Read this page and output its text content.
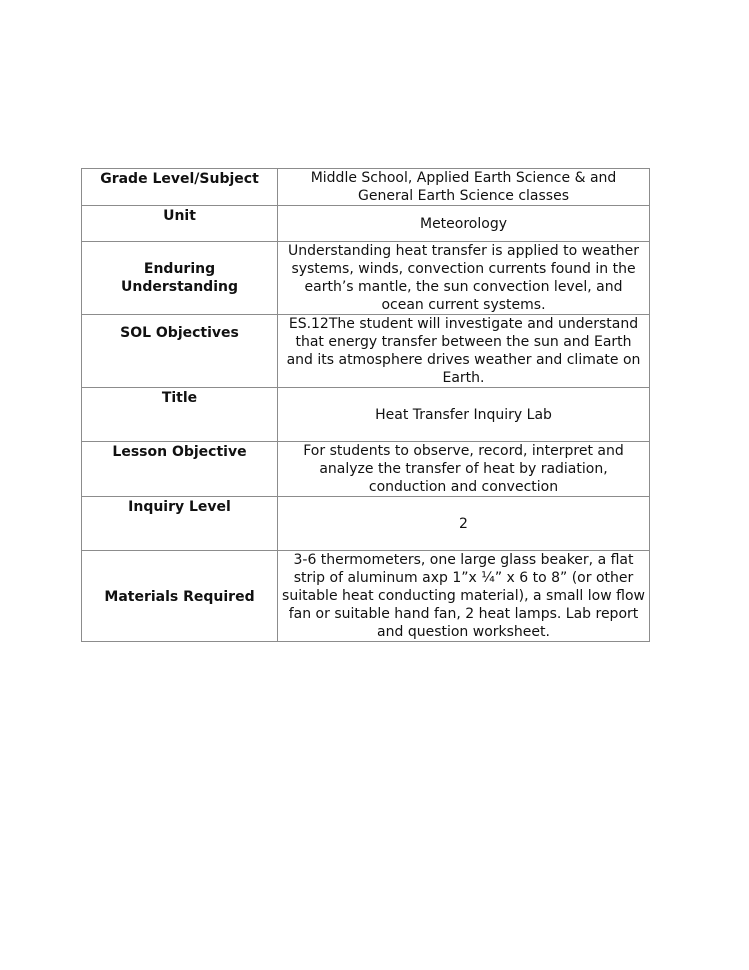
Grade Level/Subject	Middle School, Applied Earth Science & and General Earth Science classes
Unit	Meteorology

Enduring Understanding	Understanding heat transfer is applied to weather systems, winds, convection currents found in the earth’s mantle, the sun convection level, and ocean current systems.
SOL Objectives	ES.12The student will investigate and understand that energy transfer between the sun and Earth and its atmosphere drives weather and climate on Earth.
Title	Heat Transfer Inquiry Lab
Lesson Objective	For students to observe, record, interpret and analyze the transfer of heat by radiation, conduction and convection
Inquiry Level	2
Materials Required	3-6 thermometers, one large glass beaker, a flat strip of aluminum axp 1”x ¼” x 6 to 8” (or other suitable heat conducting material), a small low flow fan or suitable hand fan, 2 heat lamps. Lab report and question worksheet.
